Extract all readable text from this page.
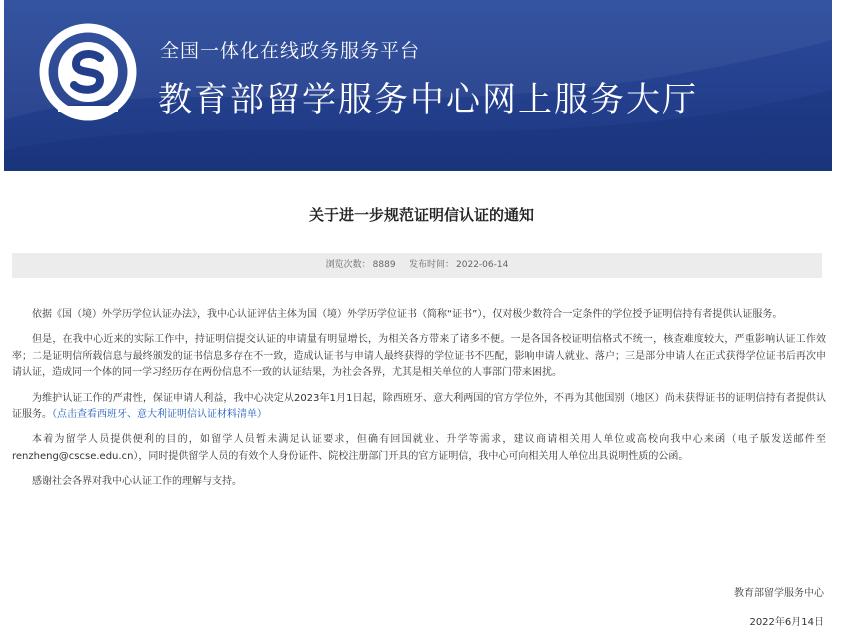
全国一体化在线政务服务平台
教育部留学服务中心网上服务大厅
关于进一步规范证明信认证的通知
浏览次数： 8889 发布时间： 2022-06-14

依据《国（境）外学历学位认证办法》，我中心认证评估主体为国（境）外学历学位证书（简称“证书”），仅对极少数符合一定条件的学位授予证明信持有者提供认证服务。

但是，在我中心近来的实际工作中，持证明信提交认证的申请量有明显增长，为相关各方带来了诸多不便。一是各国各校证明信格式不统一，核查难度较大，严重影响认证工作效率；二是证明信所载信息与最终颁发的证书信息多存在不一致，造成认证书与申请人最终获得的学位证书不匹配，影响申请人就业、落户；三是部分申请人在正式获得学位证书后再次申请认证，造成同一个体的同一学习经历存在两份信息不一致的认证结果，为社会各界，尤其是相关单位的人事部门带来困扰。

为维护认证工作的严肃性，保证申请人利益，我中心决定从2023年1月1日起，除西班牙、意大利两国的官方学位外，不再为其他国别（地区）尚未获得证书的证明信持有者提供认证服务。（点击查看西班牙、意大利证明信认证材料清单）

本着为留学人员提供便利的目的，如留学人员暂未满足认证要求，但确有回国就业、升学等需求，建议商请相关用人单位或高校向我中心来函（电子版发送邮件至renzheng@cscse.edu.cn），同时提供留学人员的有效个人身份证件、院校注册部门开具的官方证明信，我中心可向相关用人单位出具说明性质的公函。

感谢社会各界对我中心认证工作的理解与支持。

教育部留学服务中心
2022年6月14日
